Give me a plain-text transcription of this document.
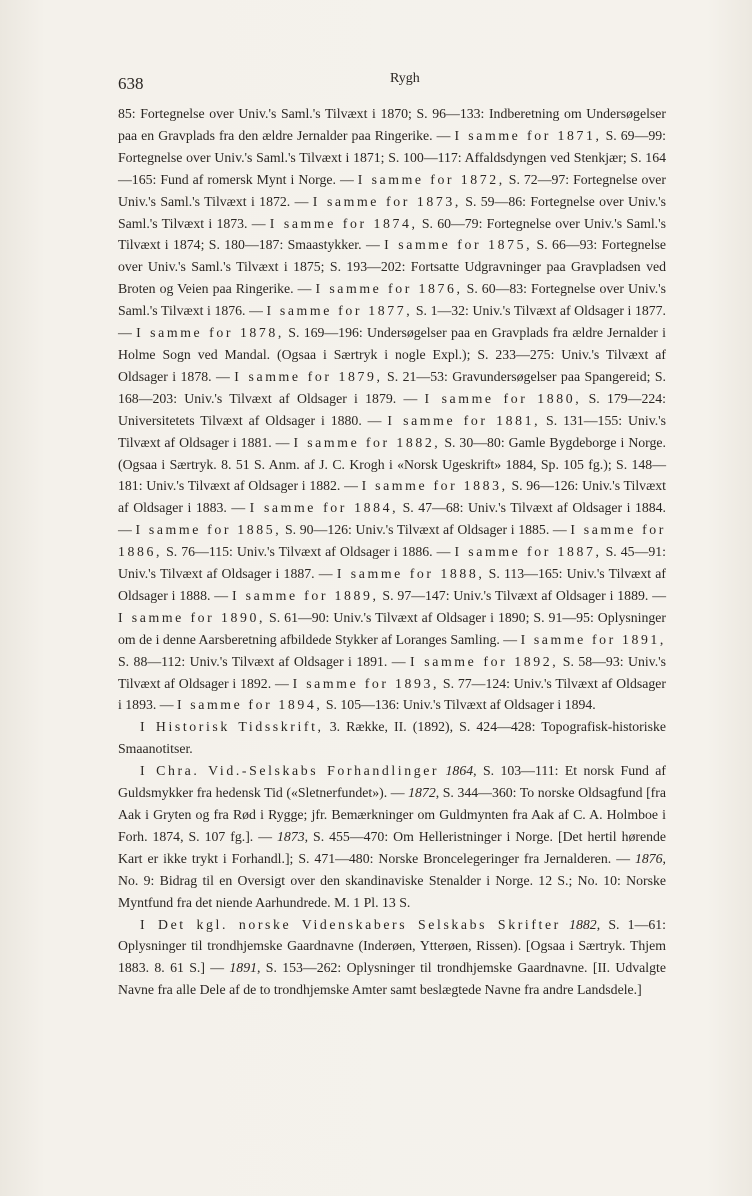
638	Rygh

85: Fortegnelse over Univ.'s Saml.'s Tilvæxt i 1870; S. 96—133: Indberetning om Undersøgelser paa en Gravplads fra den ældre Jernalder paa Ringerike. — I samme for 1871, S. 69—99: Fortegnelse over Univ.'s Saml.'s Tilvæxt i 1871; S. 100—117: Affaldsdyngen ved Stenkjær; S. 164—165: Fund af romersk Mynt i Norge. — I samme for 1872, S. 72—97: Fortegnelse over Univ.'s Saml.'s Tilvæxt i 1872. — I samme for 1873, S. 59—86: Fortegnelse over Univ.'s Saml.'s Tilvæxt i 1873. — I samme for 1874, S. 60—79: Fortegnelse over Univ.'s Saml.'s Tilvæxt i 1874; S. 180—187: Smaastykker. — I samme for 1875, S. 66—93: Fortegnelse over Univ.'s Saml.'s Tilvæxt i 1875; S. 193—202: Fortsatte Udgravninger paa Gravpladsen ved Broten og Veien paa Ringerike. — I samme for 1876, S. 60—83: Fortegnelse over Univ.'s Saml.'s Tilvæxt i 1876. — I samme for 1877, S. 1—32: Univ.'s Tilvæxt af Oldsager i 1877. — I samme for 1878, S. 169—196: Undersøgelser paa en Gravplads fra ældre Jernalder i Holme Sogn ved Mandal. (Ogsaa i Særtryk i nogle Expl.); S. 233—275: Univ.'s Tilvæxt af Oldsager i 1878. — I samme for 1879, S. 21—53: Gravundersøgelser paa Spangereid; S. 168—203: Univ.'s Tilvæxt af Oldsager i 1879. — I samme for 1880, S. 179—224: Universitetets Tilvæxt af Oldsager i 1880. — I samme for 1881, S. 131—155: Univ.'s Tilvæxt af Oldsager i 1881. — I samme for 1882, S. 30—80: Gamle Bygdeborge i Norge. (Ogsaa i Særtryk. 8. 51 S. Anm. af J. C. Krogh i «Norsk Ugeskrift» 1884, Sp. 105 fg.); S. 148—181: Univ.'s Tilvæxt af Oldsager i 1882. — I samme for 1883, S. 96—126: Univ.'s Tilvæxt af Oldsager i 1883. — I samme for 1884, S. 47—68: Univ.'s Tilvæxt af Oldsager i 1884. — I samme for 1885, S. 90—126: Univ.'s Tilvæxt af Oldsager i 1885. — I samme for 1886, S. 76—115: Univ.'s Tilvæxt af Oldsager i 1886. — I samme for 1887, S. 45—91: Univ.'s Tilvæxt af Oldsager i 1887. — I samme for 1888, S. 113—165: Univ.'s Tilvæxt af Oldsager i 1888. — I samme for 1889, S. 97—147: Univ.'s Tilvæxt af Oldsager i 1889. — I samme for 1890, S. 61—90: Univ.'s Tilvæxt af Oldsager i 1890; S. 91—95: Oplysninger om de i denne Aarsberetning afbildede Stykker af Loranges Samling. — I samme for 1891, S. 88—112: Univ.'s Tilvæxt af Oldsager i 1891. — I samme for 1892, S. 58—93: Univ.'s Tilvæxt af Oldsager i 1892. — I samme for 1893, S. 77—124: Univ.'s Tilvæxt af Oldsager i 1893. — I samme for 1894, S. 105—136: Univ.'s Tilvæxt af Oldsager i 1894.

I Historisk Tidsskrift, 3. Række, II. (1892), S. 424—428: Topografisk-historiske Smaanotitser.

I Chra. Vid.-Selskabs Forhandlinger 1864, S. 103—111: Et norsk Fund af Guldsmykker fra hedensk Tid («Sletnerfundet»). — 1872, S. 344—360: To norske Oldsagfund [fra Aak i Gryten og fra Rød i Rygge; jfr. Bemærkninger om Guldmynten fra Aak af C. A. Holmboe i Forh. 1874, S. 107 fg.]. — 1873, S. 455—470: Om Helleristninger i Norge. [Det hertil hørende Kart er ikke trykt i Forhandl.]; S. 471—480: Norske Broncelegeringer fra Jernalderen. — 1876, No. 9: Bidrag til en Oversigt over den skandinaviske Stenalder i Norge. 12 S.; No. 10: Norske Myntfund fra det niende Aarhundrede. M. 1 Pl. 13 S.

I Det kgl. norske Videnskabers Selskabs Skrifter 1882, S. 1—61: Oplysninger til trondhjemske Gaardnavne (Inderøen, Ytterøen, Rissen). [Ogsaa i Særtryk. Thjem 1883. 8. 61 S.] — 1891, S. 153—262: Oplysninger til trondhjemske Gaardnavne. [II. Udvalgte Navne fra alle Dele af de to trondhjemske Amter samt beslægtede Navne fra andre Landsdele.]
